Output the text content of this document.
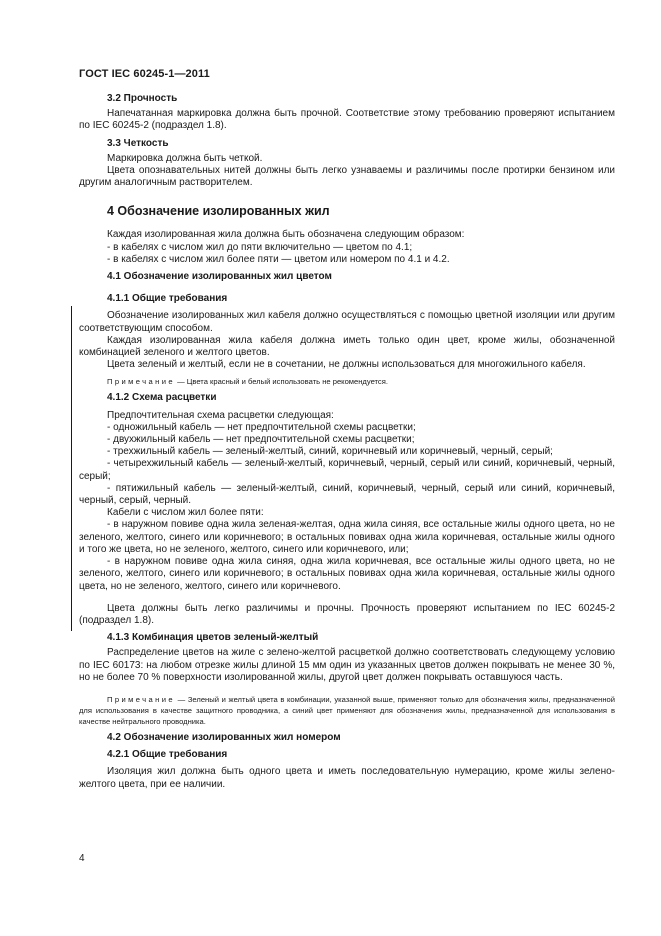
ГОСТ IEC 60245-1—2011

3.2 Прочность

Напечатанная маркировка должна быть прочной. Соответствие этому требованию проверяют испытанием по IEC 60245-2 (подраздел 1.8).

3.3 Четкость

Маркировка должна быть четкой.

Цвета опознавательных нитей должны быть легко узнаваемы и различимы после протирки бензином или другим аналогичным растворителем.

4 Обозначение изолированных жил

Каждая изолированная жила должна быть обозначена следующим образом:

- в кабелях с числом жил до пяти включительно — цветом по 4.1;

- в кабелях с числом жил более пяти — цветом или номером по 4.1 и 4.2.

4.1 Обозначение изолированных жил цветом

4.1.1 Общие требования

Обозначение изолированных жил кабеля должно осуществляться с помощью цветной изоляции или другим соответствующим способом.

Каждая изолированная жила кабеля должна иметь только один цвет, кроме жилы, обозначенной комбинацией зеленого и желтого цветов.

Цвета зеленый и желтый, если не в сочетании, не должны использоваться для многожильного кабеля.

Примечание — Цвета красный и белый использовать не рекомендуется.

4.1.2 Схема расцветки

Предпочтительная схема расцветки следующая:

- одножильный кабель — нет предпочтительной схемы расцветки;

- двухжильный кабель — нет предпочтительной схемы расцветки;

- трехжильный кабель — зеленый-желтый, синий, коричневый или коричневый, черный, серый;

- четырехжильный кабель — зеленый-желтый, коричневый, черный, серый или синий, коричневый, черный, серый;

- пятижильный кабель — зеленый-желтый, синий, коричневый, черный, серый или синий, коричневый, черный, серый, черный.

Кабели с числом жил более пяти:

- в наружном повиве одна жила зеленая-желтая, одна жила синяя, все остальные жилы одного цвета, но не зеленого, желтого, синего или коричневого; в остальных повивах одна жила коричневая, остальные жилы одного и того же цвета, но не зеленого, желтого, синего или коричневого, или;

- в наружном повиве одна жила синяя, одна жила коричневая, все остальные жилы одного цвета, но не зеленого, желтого, синего или коричневого; в остальных повивах одна жила коричневая, остальные жилы одного цвета, но не зеленого, желтого, синего или коричневого.

Цвета должны быть легко различимы и прочны. Прочность проверяют испытанием по IEC 60245-2 (подраздел 1.8).

4.1.3 Комбинация цветов зеленый-желтый

Распределение цветов на жиле с зелено-желтой расцветкой должно соответствовать следующему условию по IEC 60173: на любом отрезке жилы длиной 15 мм один из указанных цветов должен покрывать не менее 30 %, но не более 70 % поверхности изолированной жилы, другой цвет должен покрывать оставшуюся часть.

Примечание — Зеленый и желтый цвета в комбинации, указанной выше, применяют только для обозначения жилы, предназначенной для использования в качестве защитного проводника, а синий цвет применяют для обозначения жилы, предназначенной для использования в качестве нейтрального проводника.

4.2 Обозначение изолированных жил номером

4.2.1 Общие требования

Изоляция жил должна быть одного цвета и иметь последовательную нумерацию, кроме жилы зелено-желтого цвета, при ее наличии.

4
